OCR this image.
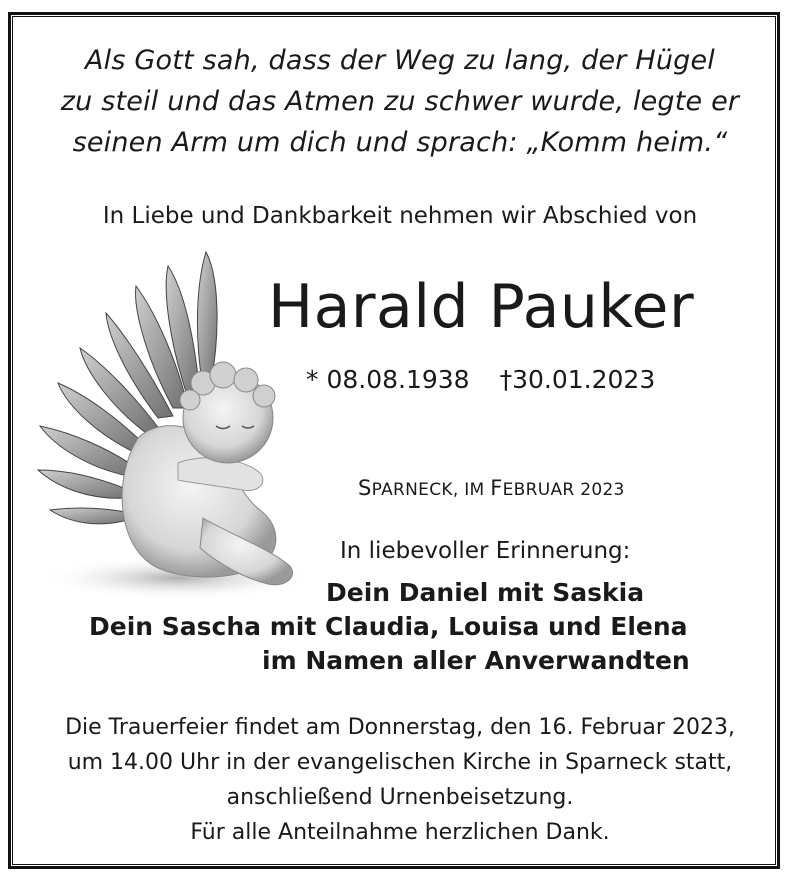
Als Gott sah, dass der Weg zu lang, der Hügel
zu steil und das Atmen zu schwer wurde, legte er
seinen Arm um dich und sprach: „Komm heim.“
In Liebe und Dankbarkeit nehmen wir Abschied von
Harald Pauker
* 08.08.1938 †30.01.2023
SPARNECK, IM FEBRUAR 2023
In liebevoller Erinnerung:
Dein Daniel mit Saskia
Dein Sascha mit Claudia, Louisa und Elena
im Namen aller Anverwandten
Die Trauerfeier findet am Donnerstag, den 16. Februar 2023,
um 14.00 Uhr in der evangelischen Kirche in Sparneck statt,
anschließend Urnenbeisetzung.
Für alle Anteilnahme herzlichen Dank.
